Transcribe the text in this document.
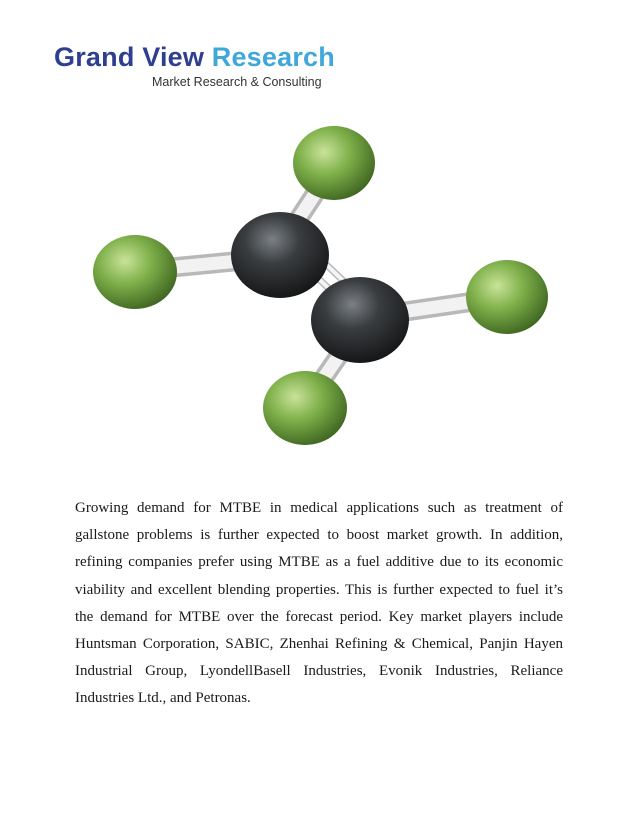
Grand View Research
Market Research & Consulting

Growing demand for MTBE in medical applications such as treatment of gallstone problems is further expected to boost market growth. In addition, refining companies prefer using MTBE as a fuel additive due to its economic viability and excellent blending properties. This is further expected to fuel it’s the demand for MTBE over the forecast period. Key market players include Huntsman Corporation, SABIC, Zhenhai Refining & Chemical, Panjin Hayen Industrial Group, LyondellBasell Industries, Evonik Industries, Reliance Industries Ltd., and Petronas.
